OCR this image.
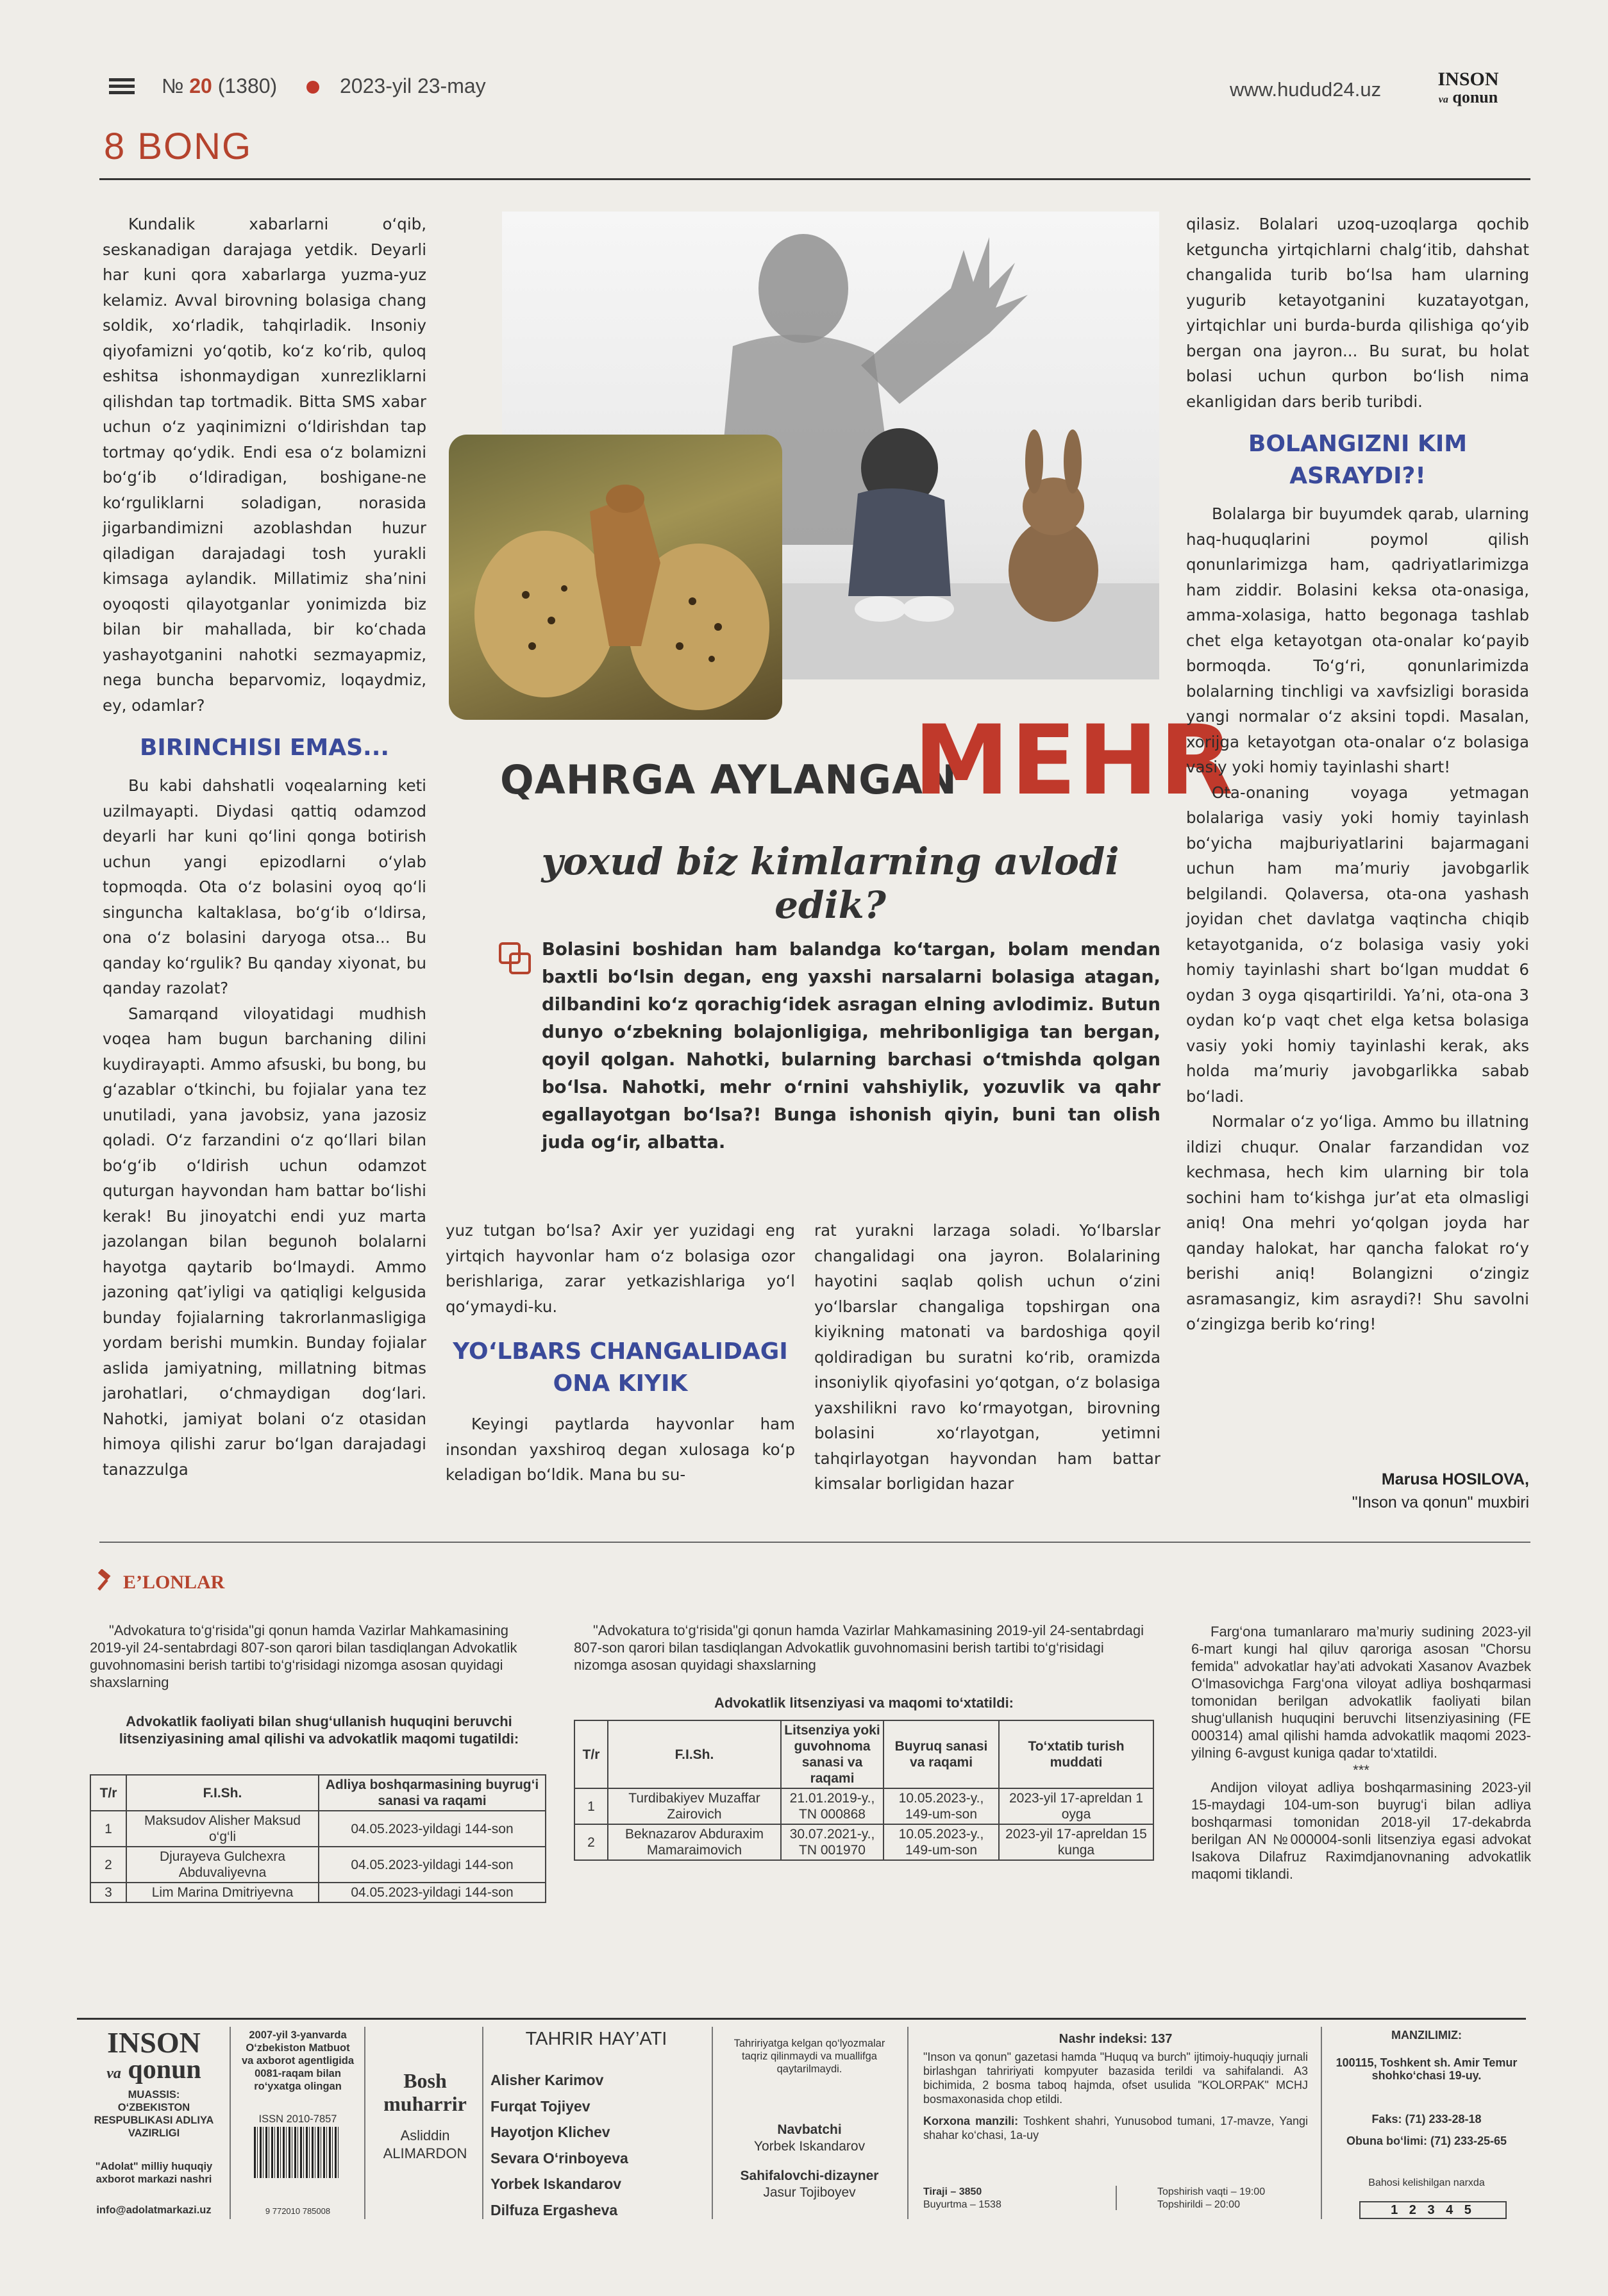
№ 20 (1380)	2023-yil 23-may	www.hudud24.uz	INSON
va qonun
8 BONG

Kundalik xabarlarni o‘qib, seskanadigan darajaga yetdik. Deyarli har kuni qora xabarlarga yuzma-yuz kelamiz. Avval birovning bolasiga chang soldik, xo‘rladik, tahqirladik. Insoniy qiyofamizni yo‘qotib, ko‘z ko‘rib, quloq eshitsa ishonmaydigan xunrezliklarni qilishdan tap tortmadik. Bitta SMS xabar uchun o‘z yaqinimizni o‘ldirishdan tap tortmay qo‘ydik. Endi esa o‘z bolamizni bo‘g‘ib o‘ldiradigan, boshigane-ne ko‘rguliklarni soladigan, norasida jigarbandimizni azoblashdan huzur qiladigan darajadagi tosh yurakli kimsaga aylandik. Millatimiz sha’nini oyoqosti qilayotganlar yonimizda biz bilan bir mahallada, bir ko‘chada yashayotganini nahotki sezmayapmiz, nega buncha beparvomiz, loqaydmiz, ey, odamlar?

BIRINCHISI EMAS...

Bu kabi dahshatli voqealarning keti uzilmayapti. Diydasi qattiq odamzod deyarli har kuni qo‘lini qonga botirish uchun yangi epizodlarni o‘ylab topmoqda. Ota o‘z bolasini oyoq qo‘li singuncha kaltaklasa, bo‘g‘ib o‘ldirsa, ona o‘z bolasini daryoga otsa... Bu qanday ko‘rgulik? Bu qanday xiyonat, bu qanday razolat?

Samarqand viloyatidagi mudhish voqea ham bugun barchaning dilini kuydirayapti. Ammo afsuski, bu bong, bu g‘azablar o‘tkinchi, bu fojialar yana tez unutiladi, yana javobsiz, yana jazosiz qoladi. O‘z farzandini o‘z qo‘llari bilan bo‘g‘ib o‘ldirish uchun odamzot quturgan hayvondan ham battar bo‘lishi kerak! Bu jinoyatchi endi yuz marta jazolangan bilan begunoh bolalarni hayotga qaytarib bo‘lmaydi. Ammo jazoning qat’iyligi va qatiqligi kelgusida bunday fojialarning takrorlanmasligiga yordam berishi mumkin. Bunday fojialar aslida jamiyatning, millatning bitmas jarohatlari, o‘chmaydigan dog‘lari. Nahotki, jamiyat bolani o‘z otasidan himoya qilishi zarur bo‘lgan darajadagi tanazzulga

QAHRGA AYLANGAN
MEHR
yoxud biz kimlarning avlodi edik?
Bolasini boshidan ham balandga ko‘targan, bolam mendan baxtli bo‘lsin degan, eng yaxshi narsalarni bolasiga atagan, dilbandini ko‘z qorachig‘idek asragan elning avlodimiz. Butun dunyo o‘zbekning bolajonligiga, mehribonligiga tan bergan, qoyil qolgan. Nahotki, bularning barchasi o‘tmishda qolgan bo‘lsa. Nahotki, mehr o‘rnini vahshiylik, yozuvlik va qahr egallayotgan bo‘lsa?! Bunga ishonish qiyin, buni tan olish juda og‘ir, albatta.

yuz tutgan bo‘lsa? Axir yer yuzidagi eng yirtqich hayvonlar ham o‘z bolasiga ozor berishlariga, zarar yetkazishlariga yo‘l qo‘ymaydi-ku.

YO‘LBARS CHANGALIDAGI ONA KIYIK

Keyingi paytlarda hayvonlar ham insondan yaxshiroq degan xulosaga ko‘p keladigan bo‘ldik. Mana bu su-

rat yurakni larzaga soladi. Yo‘lbarslar changalidagi ona jayron. Bolalarining hayotini saqlab qolish uchun o‘zini yo‘lbarslar changaliga topshirgan ona kiyikning matonati va bardoshiga qoyil qoldiradigan bu suratni ko‘rib, oramizda insoniylik qiyofasini yo‘qotgan, o‘z bolasiga yaxshilikni ravo ko‘rmayotgan, birovning bolasini xo‘rlayotgan, yetimni tahqirlayotgan hayvondan ham battar kimsalar borligidan hazar

qilasiz. Bolalari uzoq-uzoqlarga qochib ketguncha yirtqichlarni chalg‘itib, dahshat changalida turib bo‘lsa ham ularning yugurib ketayotganini kuzatayotgan, yirtqichlar uni burda-burda qilishiga qo‘yib bergan ona jayron... Bu surat, bu holat bolasi uchun qurbon bo‘lish nima ekanligidan dars berib turibdi.

BOLANGIZNI KIM ASRAYDI?!

Bolalarga bir buyumdek qarab, ularning haq-huquqlarini poymol qilish qonunlarimizga ham, qadriyatlarimizga ham ziddir. Bolasini keksa ota-onasiga, amma-xolasiga, hatto begonaga tashlab chet elga ketayotgan ota-onalar ko‘payib bormoqda. To‘g‘ri, qonunlarimizda bolalarning tinchligi va xavfsizligi borasida yangi normalar o‘z aksini topdi. Masalan, xorijga ketayotgan ota-onalar o‘z bolasiga vasiy yoki homiy tayinlashi shart!

Ota-onaning voyaga yetmagan bolalariga vasiy yoki homiy tayinlash bo‘yicha majburiyatlarini bajarmagani uchun ham ma’muriy javobgarlik belgilandi. Qolaversa, ota-ona yashash joyidan chet davlatga vaqtincha chiqib ketayotganida, o‘z bolasiga vasiy yoki homiy tayinlashi shart bo‘lgan muddat 6 oydan 3 oyga qisqartirildi. Ya’ni, ota-ona 3 oydan ko‘p vaqt chet elga ketsa bolasiga vasiy yoki homiy tayinlashi kerak, aks holda ma’muriy javobgarlikka sabab bo‘ladi.

Normalar o‘z yo‘liga. Ammo bu illatning ildizi chuqur. Onalar farzandidan voz kechmasa, hech kim ularning bir tola sochini ham to‘kishga jur’at eta olmasligi aniq! Ona mehri yo‘qolgan joyda har qanday halokat, har qancha falokat ro‘y berishi aniq! Bolangizni o‘zingiz asramasangiz, kim asraydi?! Shu savolni o‘zingizga berib ko‘ring!

Marusa HOSILOVA,
"Inson va qonun" muxbiri
E’LONLAR

"Advokatura to‘g‘risida"gi qonun hamda Vazirlar Mahkamasining 2019-yil 24-sentabrdagi 807-son qarori bilan tasdiqlangan Advokatlik guvohnomasini berish tartibi to‘g‘risidagi nizomga asosan quyidagi shaxslarning

Advokatlik faoliyati bilan shug‘ullanish huquqini beruvchi litsenziyasining amal qilishi va advokatlik maqomi tugatildi:
T/r	F.I.Sh.	Adliya boshqarmasining buyrug‘i sanasi va raqami
1	Maksudov Alisher Maksud o‘g‘li	04.05.2023-yildagi 144-son
2	Djurayeva Gulchexra Abduvaliyevna	04.05.2023-yildagi 144-son
3	Lim Marina Dmitriyevna	04.05.2023-yildagi 144-son

"Advokatura to‘g‘risida"gi qonun hamda Vazirlar Mahkamasining 2019-yil 24-sentabrdagi 807-son qarori bilan tasdiqlangan Advokatlik guvohnomasini berish tartibi to‘g‘risidagi nizomga asosan quyidagi shaxslarning

Advokatlik litsenziyasi va maqomi to‘xtatildi:
T/r	F.I.Sh.	Litsenziya yoki guvohnoma sanasi va raqami	Buyruq sanasi va raqami	To‘xtatib turish muddati
1	Turdibakiyev Muzaffar Zairovich	21.01.2019-y., TN 000868	10.05.2023-y., 149-um-son	2023-yil 17-apreldan 1 oyga
2	Beknazarov Abduraxim Mamaraimovich	30.07.2021-y., TN 001970	10.05.2023-y., 149-um-son	2023-yil 17-apreldan 15 kunga

Farg‘ona tumanlararo ma’muriy sudining 2023-yil 6-mart kungi hal qiluv qaroriga asosan "Chorsu femida" advokatlar hay’ati advokati Xasanov Avazbek O‘lmasovichga Farg‘ona viloyat adliya boshqarmasi tomonidan berilgan advokatlik faoliyati bilan shug‘ullanish huquqini beruvchi litsenziyasining (FE 000314) amal qilishi hamda advokatlik maqomi 2023-yilning 6-avgust kuniga qadar to‘xtatildi.

***

Andijon viloyat adliya boshqarmasining 2023-yil 15-maydagi 104-um-son buyrug‘i bilan adliya boshqarmasi tomonidan 2018-yil 17-dekabrda berilgan AN №000004-sonli litsenziya egasi advokat Isakova Dilafruz Raximdjanovnaning advokatlik maqomi tiklandi.

INSON
va qonun
MUASSIS:
O‘ZBEKISTON RESPUBLIKASI ADLIYA VAZIRLIGI
"Adolat" milliy huquqiy axborot markazi nashri
info@adolatmarkazi.uz
2007-yil 3-yanvarda O‘zbekiston Matbuot va axborot agentligida 0081-raqam bilan ro‘yxatga olingan
ISSN 2010-7857
9 772010 785008
Bosh muharrir
Asliddin ALIMARDON
TAHRIR HAY’ATI
Alisher Karimov
Furqat Tojiyev
Hayotjon Klichev
Sevara O‘rinboyeva
Yorbek Iskandarov
Dilfuza Ergasheva
Tahririyatga kelgan qo‘lyozmalar taqriz qilinmaydi va muallifga qaytarilmaydi.
Navbatchi
Yorbek Iskandarov
Sahifalovchi-dizayner
Jasur Tojiboyev
Nashr indeksi: 137
"Inson va qonun" gazetasi hamda "Huquq va burch" ijtimoiy-huquqiy jurnali birlashgan tahririyati kompyuter bazasida terildi va sahifalandi. A3 bichimida, 2 bosma taboq hajmda, ofset usulida "KOLORPAK" MCHJ bosmaxonasida chop etildi.
Korxona manzili: Toshkent shahri, Yunusobod tumani, 17-mavze, Yangi shahar ko‘chasi, 1a-uy
Tiraji – 3850
Buyurtma – 1538
Topshirish vaqti – 19:00
Topshirildi – 20:00
MANZILIMIZ:
100115, Toshkent sh. Amir Temur shohko‘chasi 19-uy.
Faks: (71) 233-28-18
Obuna bo‘limi: (71) 233-25-65
Bahosi kelishilgan narxda
1 2 3 4 5
